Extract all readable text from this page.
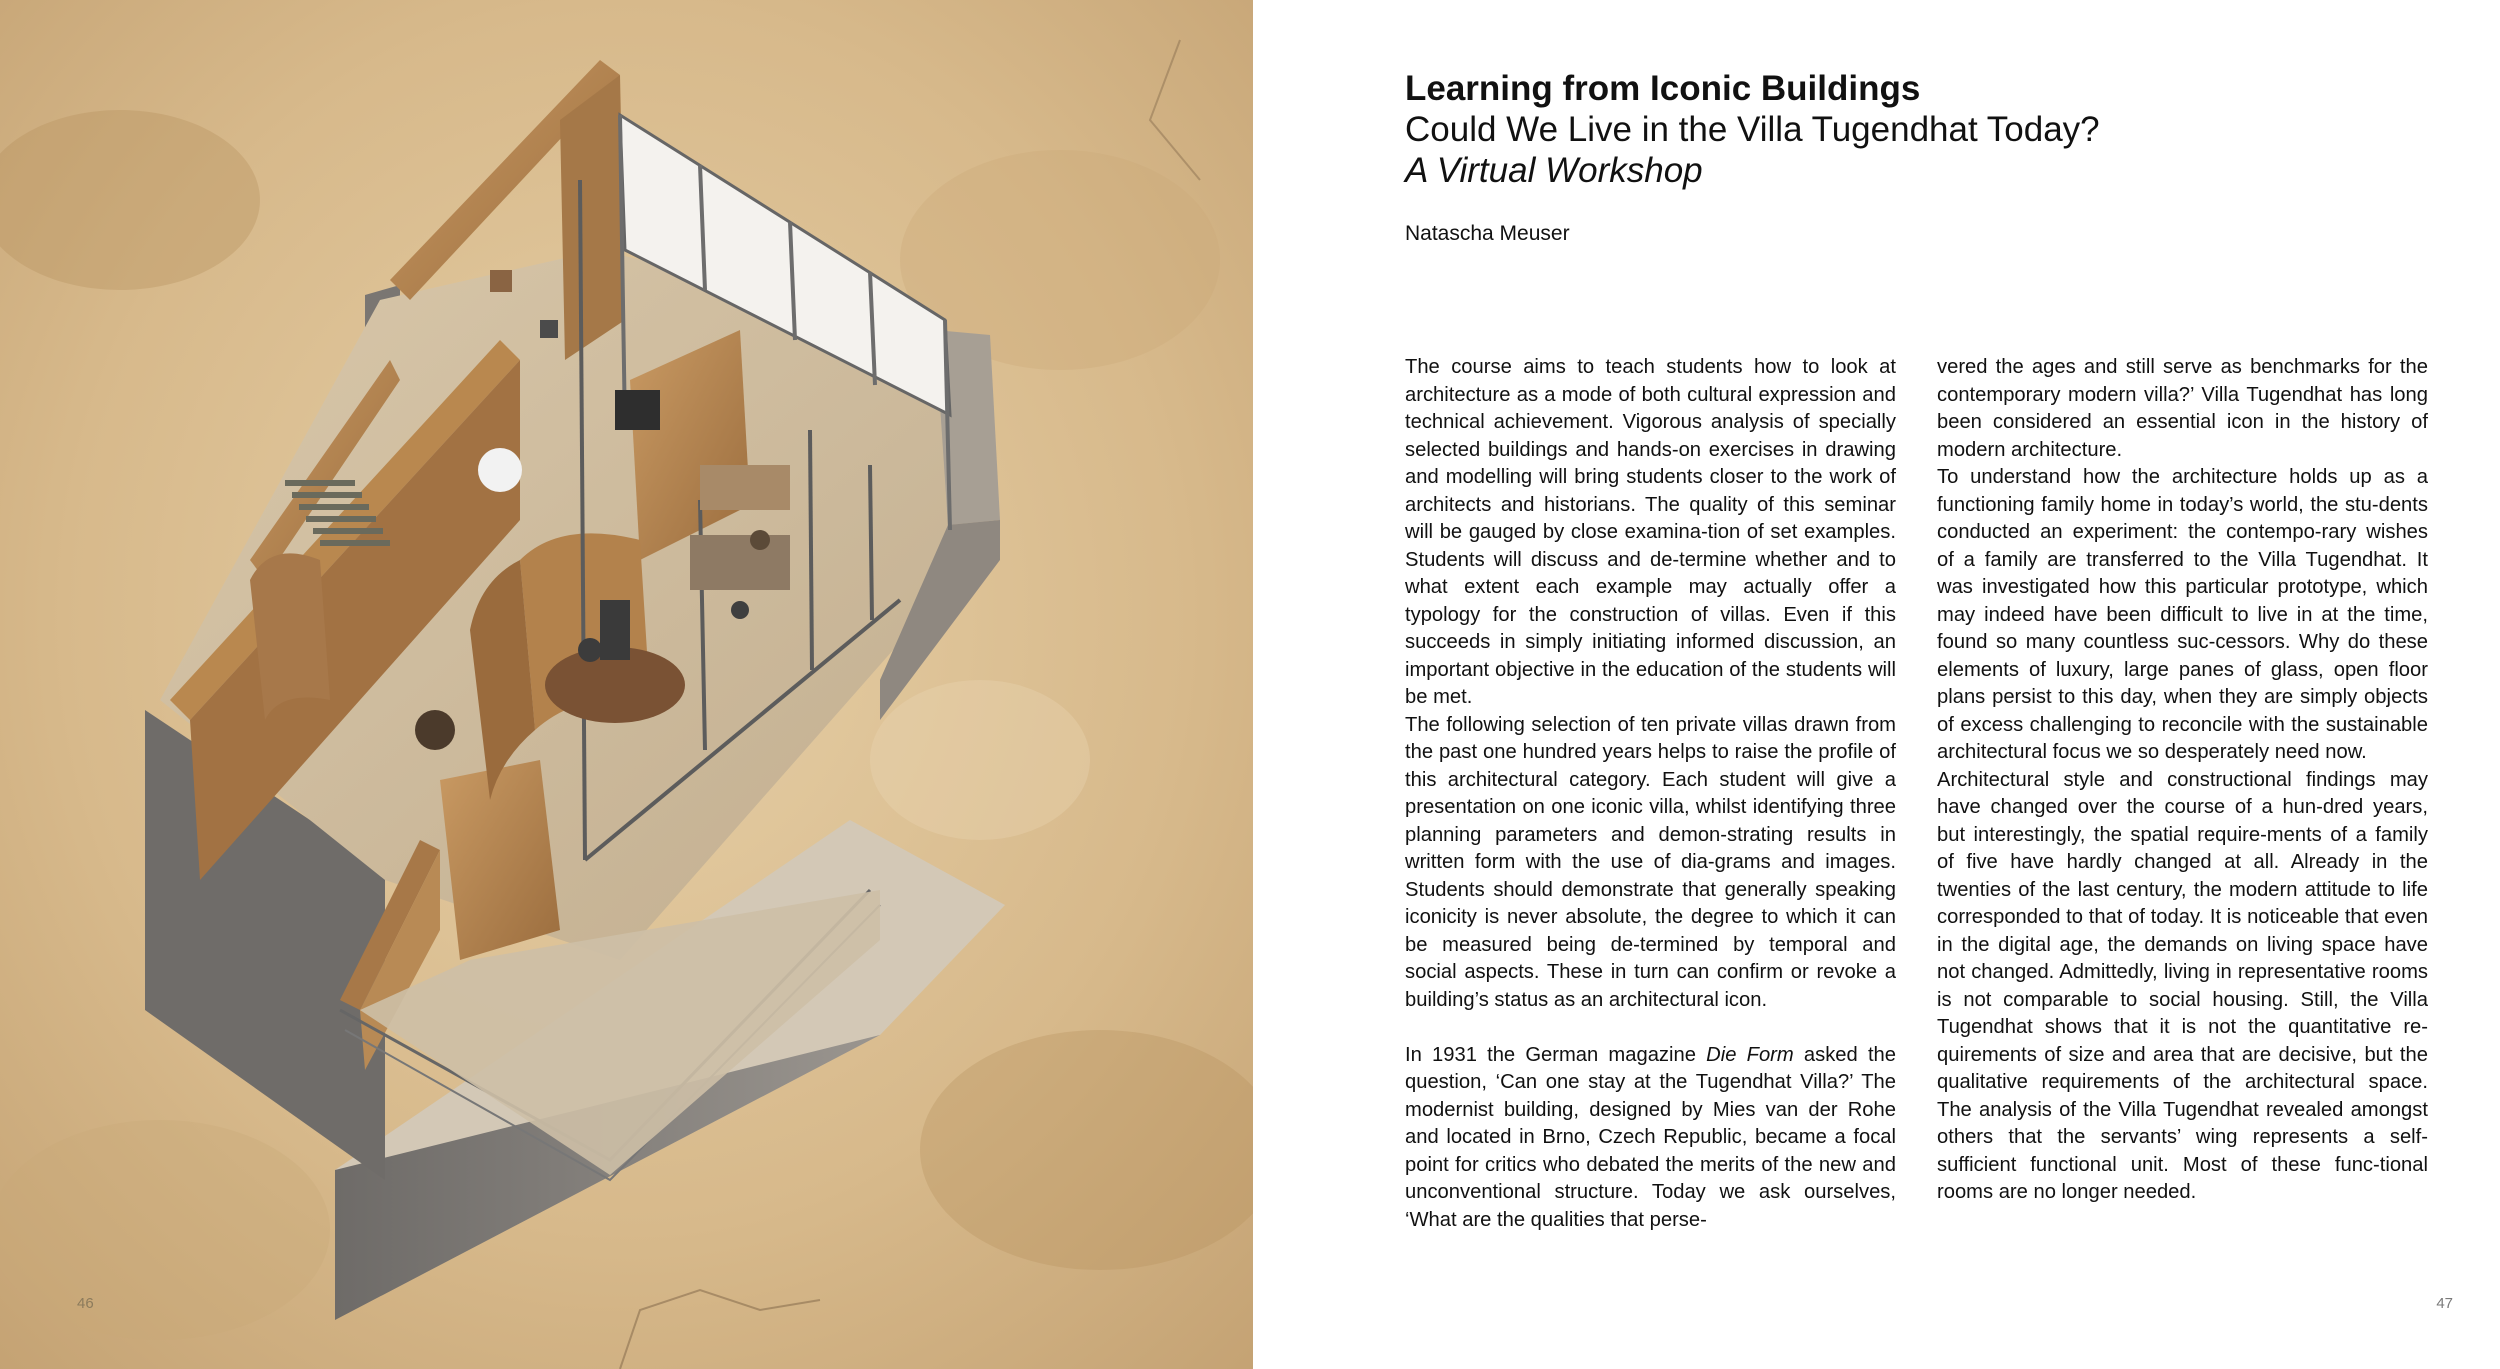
46
Learning from Iconic Buildings
Could We Live in the Villa Tugendhat Today?
A Virtual Workshop
Natascha Meuser

The course aims to teach students how to look at architecture as a mode of both cultural expression and technical achievement. Vigorous analysis of specially selected buildings and hands-on exercises in drawing and modelling will bring students closer to the work of architects and historians. The quality of this seminar will be gauged by close examina-tion of set examples. Students will discuss and de-termine whether and to what extent each example may actually offer a typology for the construction of villas. Even if this succeeds in simply initiating informed discussion, an important objective in the education of the students will be met.

The following selection of ten private villas drawn from the past one hundred years helps to raise the profile of this architectural category. Each student will give a presentation on one iconic villa, whilst identifying three planning parameters and demon-strating results in written form with the use of dia-grams and images. Students should demonstrate that generally speaking iconicity is never absolute, the degree to which it can be measured being de-termined by temporal and social aspects. These in turn can confirm or revoke a building’s status as an architectural icon.

In 1931 the German magazine Die Form asked the question, ‘Can one stay at the Tugendhat Villa?’ The modernist building, designed by Mies van der Rohe and located in Brno, Czech Republic, became a focal point for critics who debated the merits of the new and unconventional structure. Today we ask ourselves, ‘What are the qualities that perse-

vered the ages and still serve as benchmarks for the contemporary modern villa?’ Villa Tugendhat has long been considered an essential icon in the history of modern architecture.

To understand how the architecture holds up as a functioning family home in today’s world, the stu-dents conducted an experiment: the contempo-rary wishes of a family are transferred to the Villa Tugendhat. It was investigated how this particular prototype, which may indeed have been difficult to live in at the time, found so many countless suc-cessors. Why do these elements of luxury, large panes of glass, open floor plans persist to this day, when they are simply objects of excess challenging to reconcile with the sustainable architectural focus we so desperately need now.

Architectural style and constructional findings may have changed over the course of a hun-dred years, but interestingly, the spatial require-ments of a family of five have hardly changed at all. Already in the twenties of the last century, the modern attitude to life corresponded to that of today. It is noticeable that even in the digital age, the demands on living space have not changed. Admittedly, living in representative rooms is not comparable to social housing. Still, the Villa Tugendhat shows that it is not the quantitative re-quirements of size and area that are decisive, but the qualitative requirements of the architectural space. The analysis of the Villa Tugendhat revealed amongst others that the servants’ wing represents a self-sufficient functional unit. Most of these func-tional rooms are no longer needed.

47
